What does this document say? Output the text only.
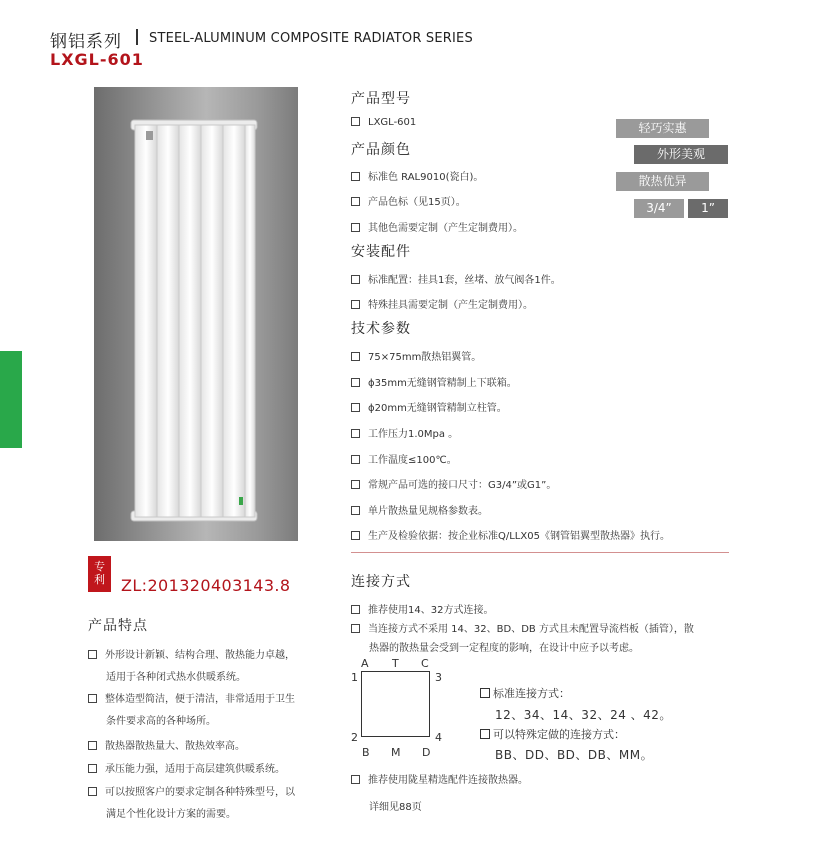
钢铝系列 STEEL-ALUMINUM COMPOSITE RADIATOR SERIES
LXGL-601
专
利	ZL:201320403143.8
产品特点
外形设计新颖、结构合理、散热能力卓越，
适用于各种闭式热水供暖系统。
整体造型简洁，便于清洁，非常适用于卫生
条件要求高的各种场所。
散热器散热量大、散热效率高。
承压能力强，适用于高层建筑供暖系统。
可以按照客户的要求定制各种特殊型号，以
满足个性化设计方案的需要。
产品型号
LXGL-601
产品颜色
标准色 RAL9010(瓷白)。
产品色标（见15页）。
其他色需要定制（产生定制费用）。
安装配件
标准配置：挂具1套，丝堵、放气阀各1件。
特殊挂具需要定制（产生定制费用）。
技术参数
75×75mm散热铝翼管。
ϕ35mm无缝钢管精制上下联箱。
ϕ20mm无缝钢管精制立柱管。
工作压力1.0Mpa 。
工作温度≤100℃。
常规产品可选的接口尺寸：G3/4”或G1”。
单片散热量见规格参数表。
生产及检验依据：按企业标准Q/LLX05《钢管铝翼型散热器》执行。
轻巧实惠
外形美观
散热优异
3/4”	1”
连接方式
推荐使用14、32方式连接。
当连接方式不采用 14、32、BD、DB 方式且未配置导流档板（插管），散
热器的散热量会受到一定程度的影响，在设计中应予以考虑。
A T C
1	3
2	4
B M D
标准连接方式：
12、34、14、32、24 、42。
可以特殊定做的连接方式：
BB、DD、BD、DB、MM。
推荐使用陇星精选配件连接散热器。
详细见88页
